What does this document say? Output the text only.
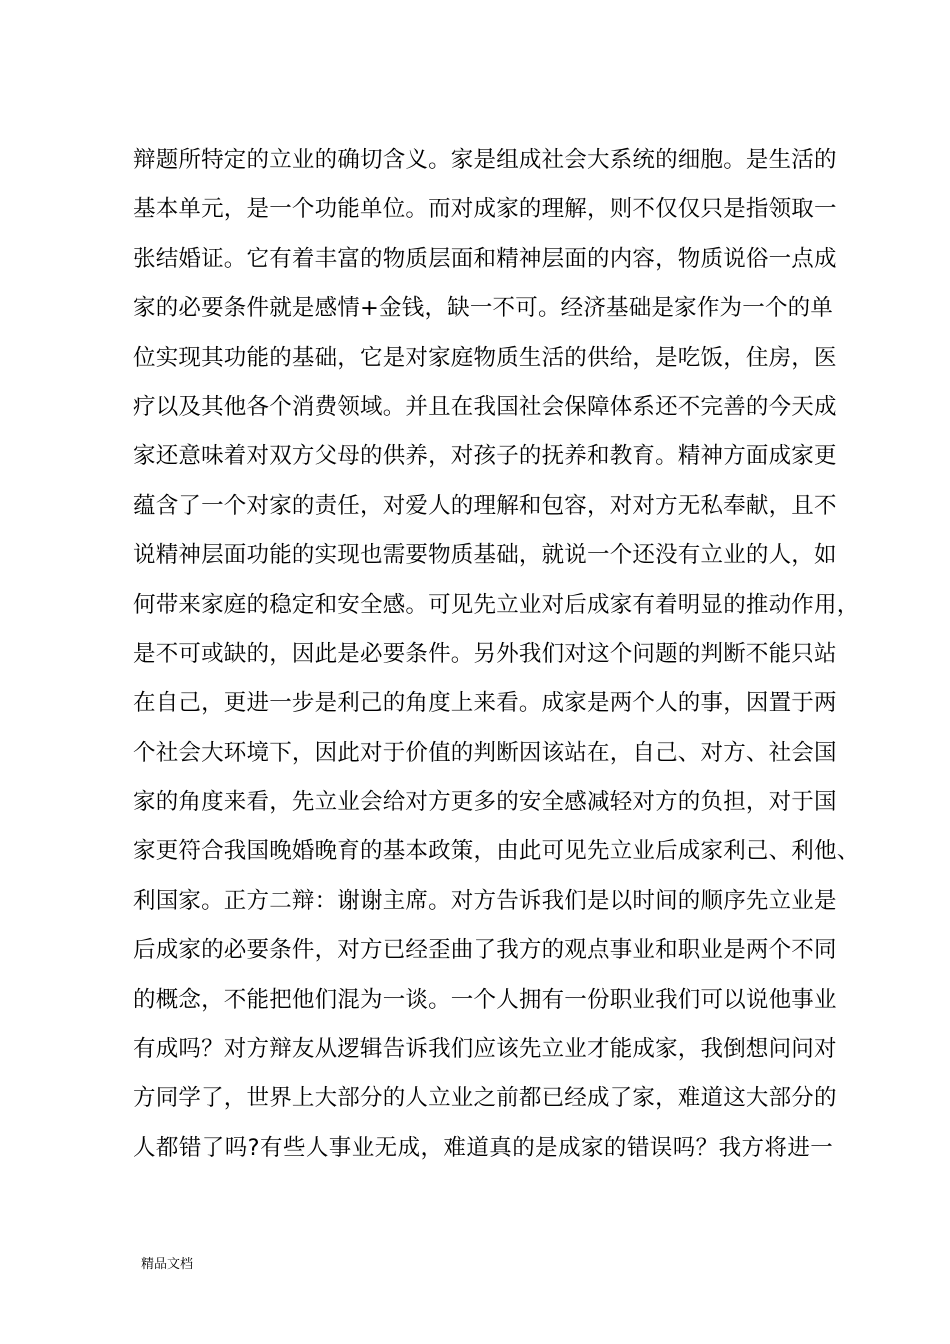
辩题所特定的立业的确切含义。家是组成社会大系统的细胞。是生活的
基本单元，是一个功能单位。而对成家的理解，则不仅仅只是指领取一
张结婚证。它有着丰富的物质层面和精神层面的内容，物质说俗一点成
家的必要条件就是感情+金钱，缺一不可。经济基础是家作为一个的单
位实现其功能的基础，它是对家庭物质生活的供给，是吃饭，住房，医
疗以及其他各个消费领域。并且在我国社会保障体系还不完善的今天成
家还意味着对双方父母的供养，对孩子的抚养和教育。精神方面成家更
蕴含了一个对家的责任，对爱人的理解和包容，对对方无私奉献，且不
说精神层面功能的实现也需要物质基础，就说一个还没有立业的人，如
何带来家庭的稳定和安全感。可见先立业对后成家有着明显的推动作用，
是不可或缺的，因此是必要条件。另外我们对这个问题的判断不能只站
在自己，更进一步是利己的角度上来看。成家是两个人的事，因置于两
个社会大环境下，因此对于价值的判断因该站在，自己、对方、社会国
家的角度来看，先立业会给对方更多的安全感减轻对方的负担，对于国
家更符合我国晚婚晚育的基本政策，由此可见先立业后成家利己、利他、
利国家。正方二辩：谢谢主席。对方告诉我们是以时间的顺序先立业是
后成家的必要条件，对方已经歪曲了我方的观点事业和职业是两个不同
的概念，不能把他们混为一谈。一个人拥有一份职业我们可以说他事业
有成吗？对方辩友从逻辑告诉我们应该先立业才能成家，我倒想问问对
方同学了，世界上大部分的人立业之前都已经成了家，难道这大部分的
人都错了吗?有些人事业无成，难道真的是成家的错误吗？我方将进一
精品文档
